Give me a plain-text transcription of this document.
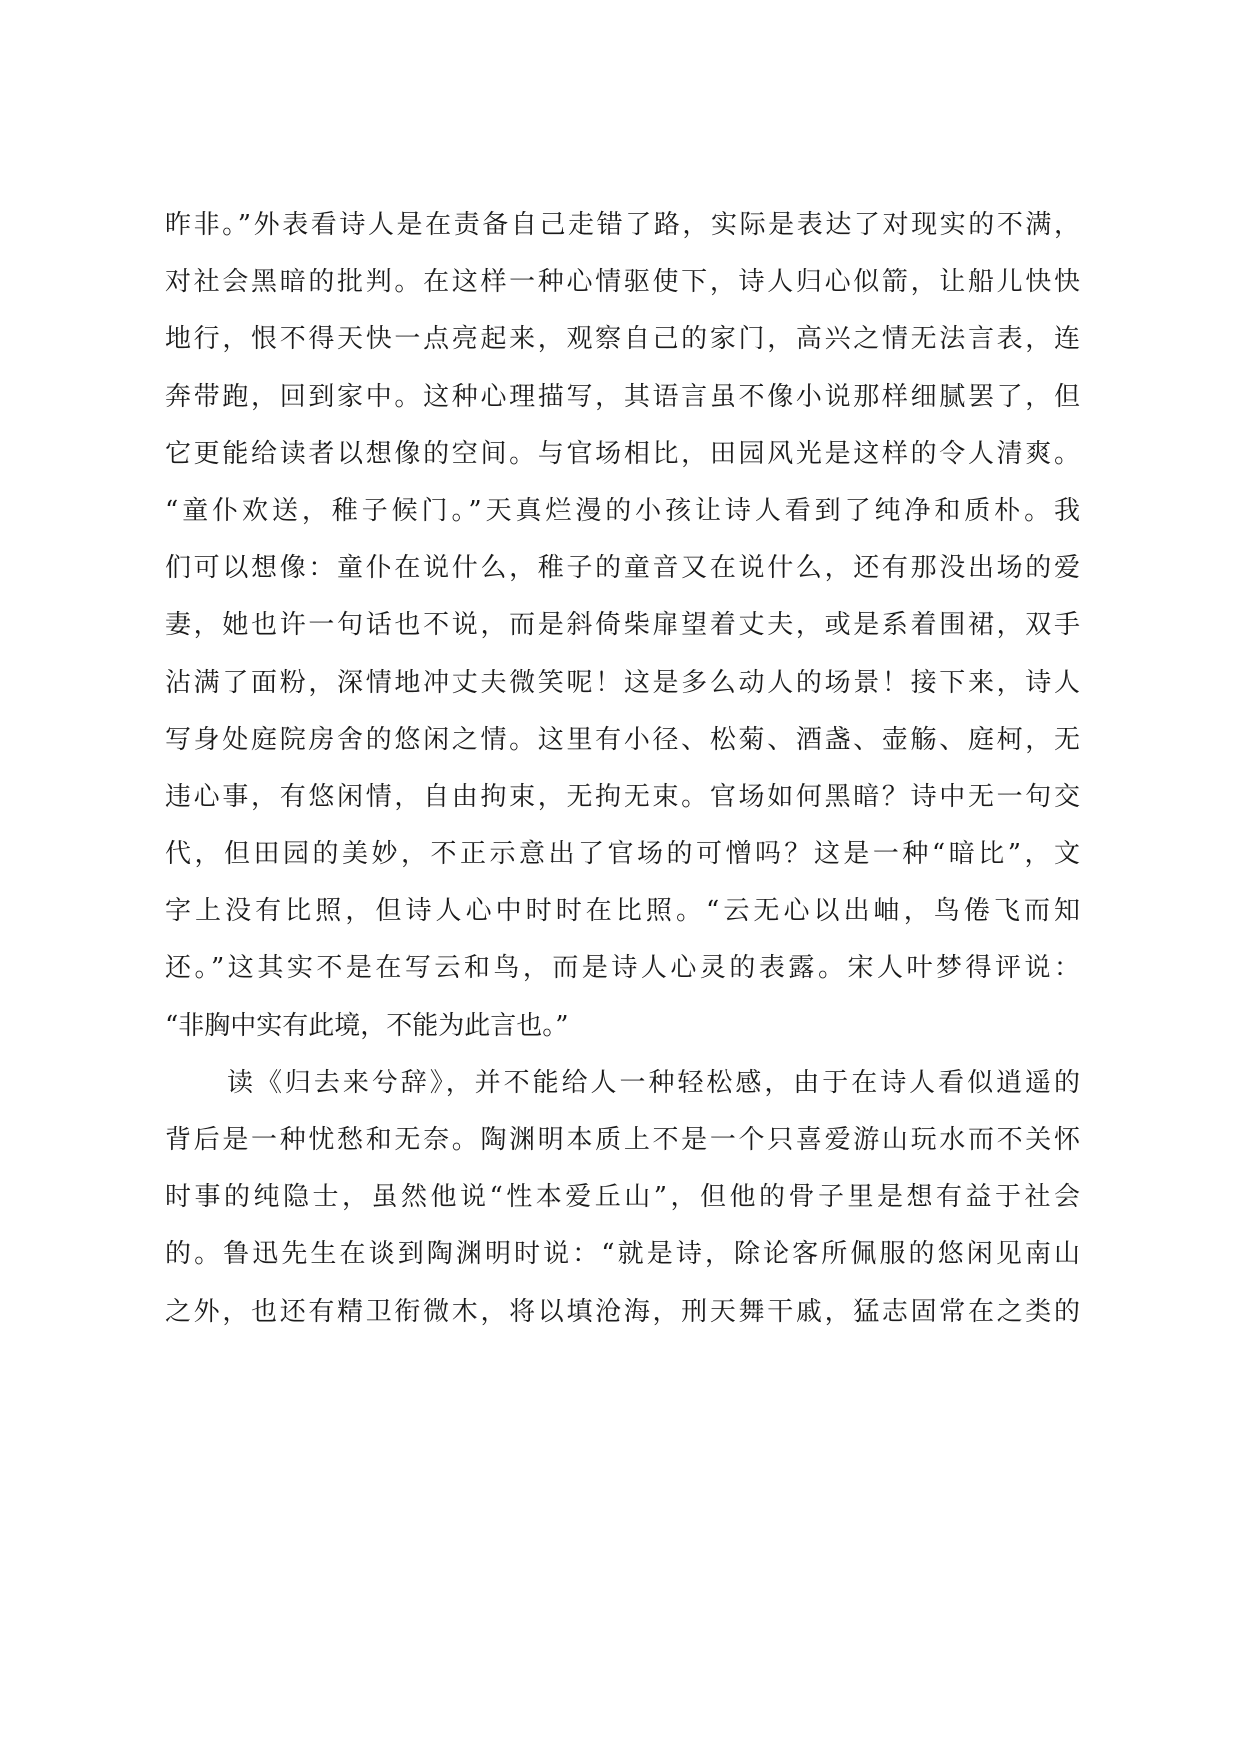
昨非。”外表看诗人是在责备自己走错了路，实际是表达了对现实的不满，
对社会黑暗的批判。在这样一种心情驱使下，诗人归心似箭，让船儿快快
地行，恨不得天快一点亮起来，观察自己的家门，高兴之情无法言表，连
奔带跑，回到家中。这种心理描写，其语言虽不像小说那样细腻罢了，但
它更能给读者以想像的空间。与官场相比，田园风光是这样的令人清爽。
“童仆欢送，稚子候门。”天真烂漫的小孩让诗人看到了纯净和质朴。我
们可以想像：童仆在说什么，稚子的童音又在说什么，还有那没出场的爱
妻，她也许一句话也不说，而是斜倚柴扉望着丈夫，或是系着围裙，双手
沾满了面粉，深情地冲丈夫微笑呢！这是多么动人的场景！接下来，诗人
写身处庭院房舍的悠闲之情。这里有小径、松菊、酒盏、壶觞、庭柯，无
违心事，有悠闲情，自由拘束，无拘无束。官场如何黑暗？诗中无一句交
代，但田园的美妙，不正示意出了官场的可憎吗？这是一种“暗比”，文
字上没有比照，但诗人心中时时在比照。“云无心以出岫，鸟倦飞而知
还。”这其实不是在写云和鸟，而是诗人心灵的表露。宋人叶梦得评说：
“非胸中实有此境，不能为此言也。”
读《归去来兮辞》，并不能给人一种轻松感，由于在诗人看似逍遥的
背后是一种忧愁和无奈。陶渊明本质上不是一个只喜爱游山玩水而不关怀
时事的纯隐士，虽然他说“性本爱丘山”，但他的骨子里是想有益于社会
的。鲁迅先生在谈到陶渊明时说：“就是诗，除论客所佩服的悠闲见南山
之外，也还有精卫衔微木，将以填沧海，刑天舞干戚，猛志固常在之类的
